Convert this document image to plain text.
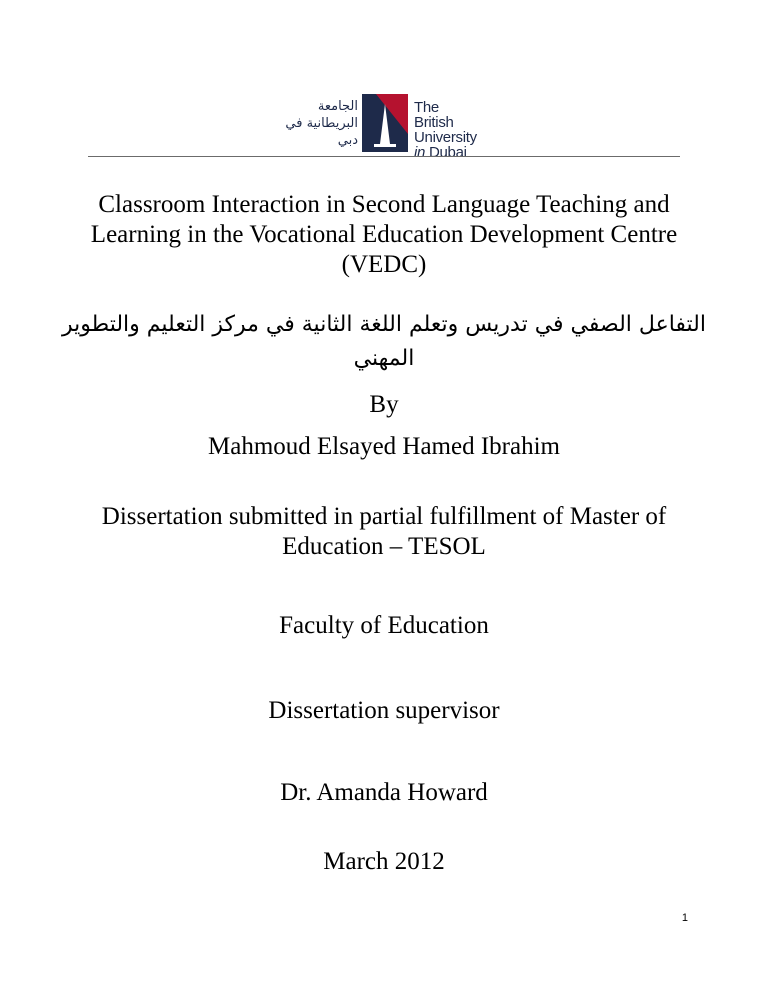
الجامعة
البريطانية في
دبي
The
British University
in Dubai
Classroom Interaction in Second Language Teaching and Learning in the Vocational Education Development Centre (VEDC)
التفاعل الصفي في تدريس وتعلم اللغة الثانية في مركز التعليم والتطوير المهني
By
Mahmoud Elsayed Hamed Ibrahim
Dissertation submitted in partial fulfillment of Master of Education – TESOL
Faculty of Education
Dissertation supervisor
Dr. Amanda Howard
March 2012
1
